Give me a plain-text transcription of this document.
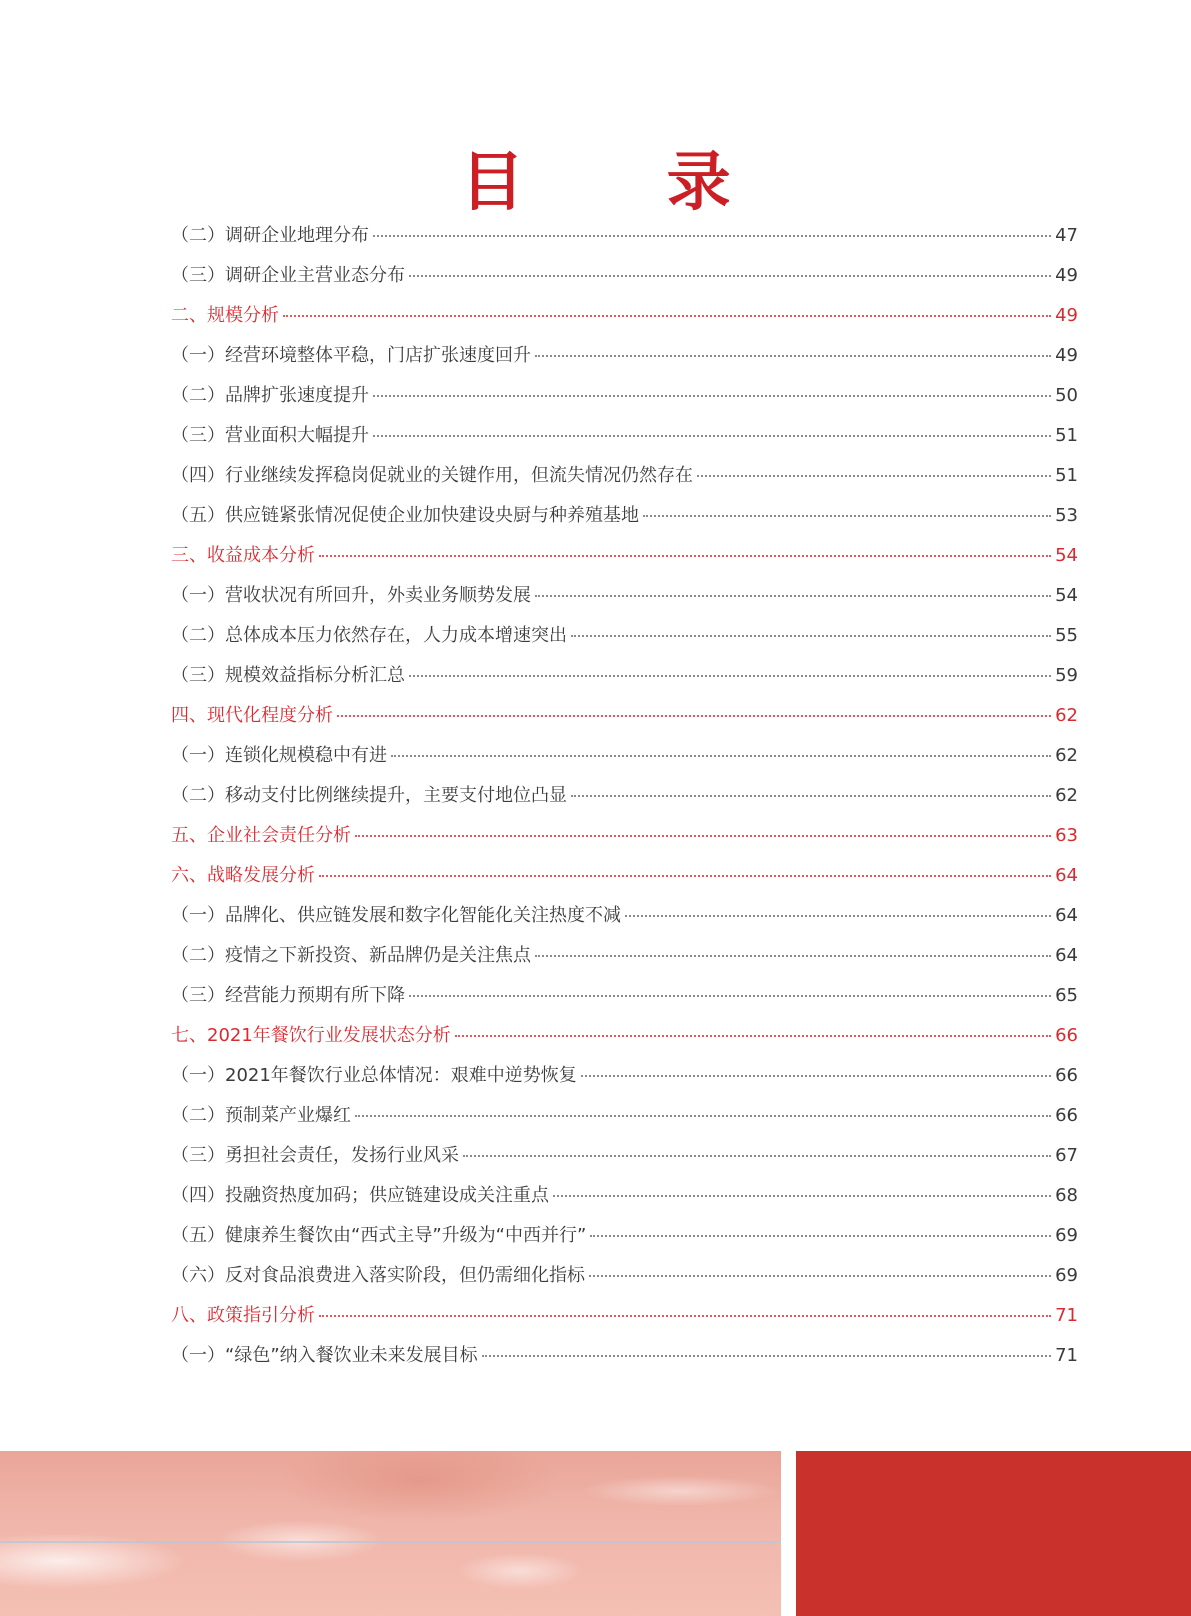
目 录
（二）调研企业地理分布	47
（三）调研企业主营业态分布	49
二、规模分析	49
（一）经营环境整体平稳，门店扩张速度回升	49
（二）品牌扩张速度提升	50
（三）营业面积大幅提升	51
（四）行业继续发挥稳岗促就业的关键作用，但流失情况仍然存在	51
（五）供应链紧张情况促使企业加快建设央厨与种养殖基地	53
三、收益成本分析	54
（一）营收状况有所回升，外卖业务顺势发展	54
（二）总体成本压力依然存在，人力成本增速突出	55
（三）规模效益指标分析汇总	59
四、现代化程度分析	62
（一）连锁化规模稳中有进	62
（二）移动支付比例继续提升，主要支付地位凸显	62
五、企业社会责任分析	63
六、战略发展分析	64
（一）品牌化、供应链发展和数字化智能化关注热度不减	64
（二）疫情之下新投资、新品牌仍是关注焦点	64
（三）经营能力预期有所下降	65
七、2021年餐饮行业发展状态分析	66
（一）2021年餐饮行业总体情况：艰难中逆势恢复	66
（二）预制菜产业爆红	66
（三）勇担社会责任，发扬行业风采	67
（四）投融资热度加码；供应链建设成关注重点	68
（五）健康养生餐饮由“西式主导”升级为“中西并行”	69
（六）反对食品浪费进入落实阶段，但仍需细化指标	69
八、政策指引分析	71
（一）“绿色”纳入餐饮业未来发展目标	71
